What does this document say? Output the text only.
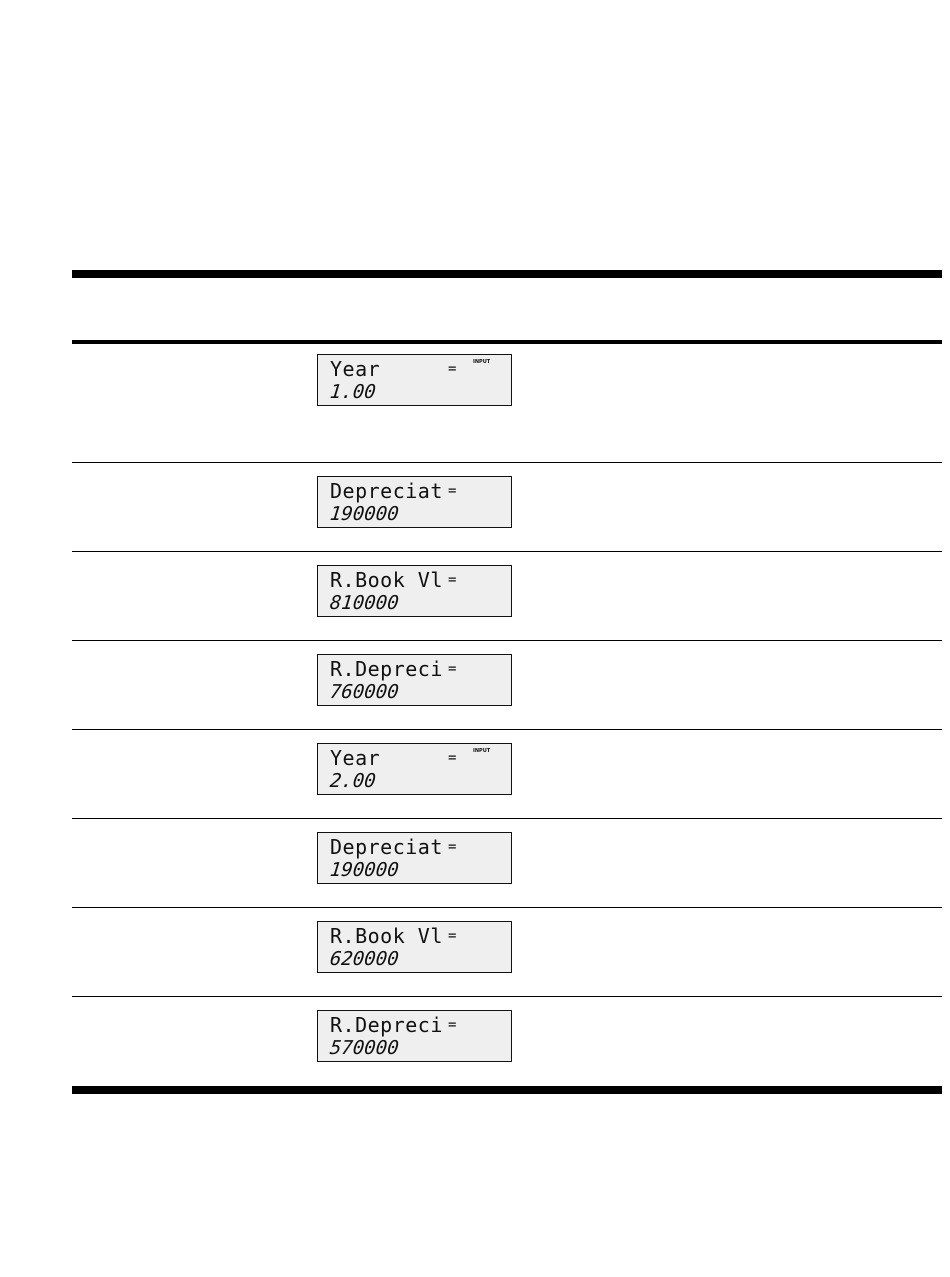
Year	=	INPUT
1.00
Depreciat =
190000
R.Book Vl =
810000
R.Depreci =
760000
Year	=	INPUT
2.00
Depreciat =
190000
R.Book Vl =
620000
R.Depreci =
570000
